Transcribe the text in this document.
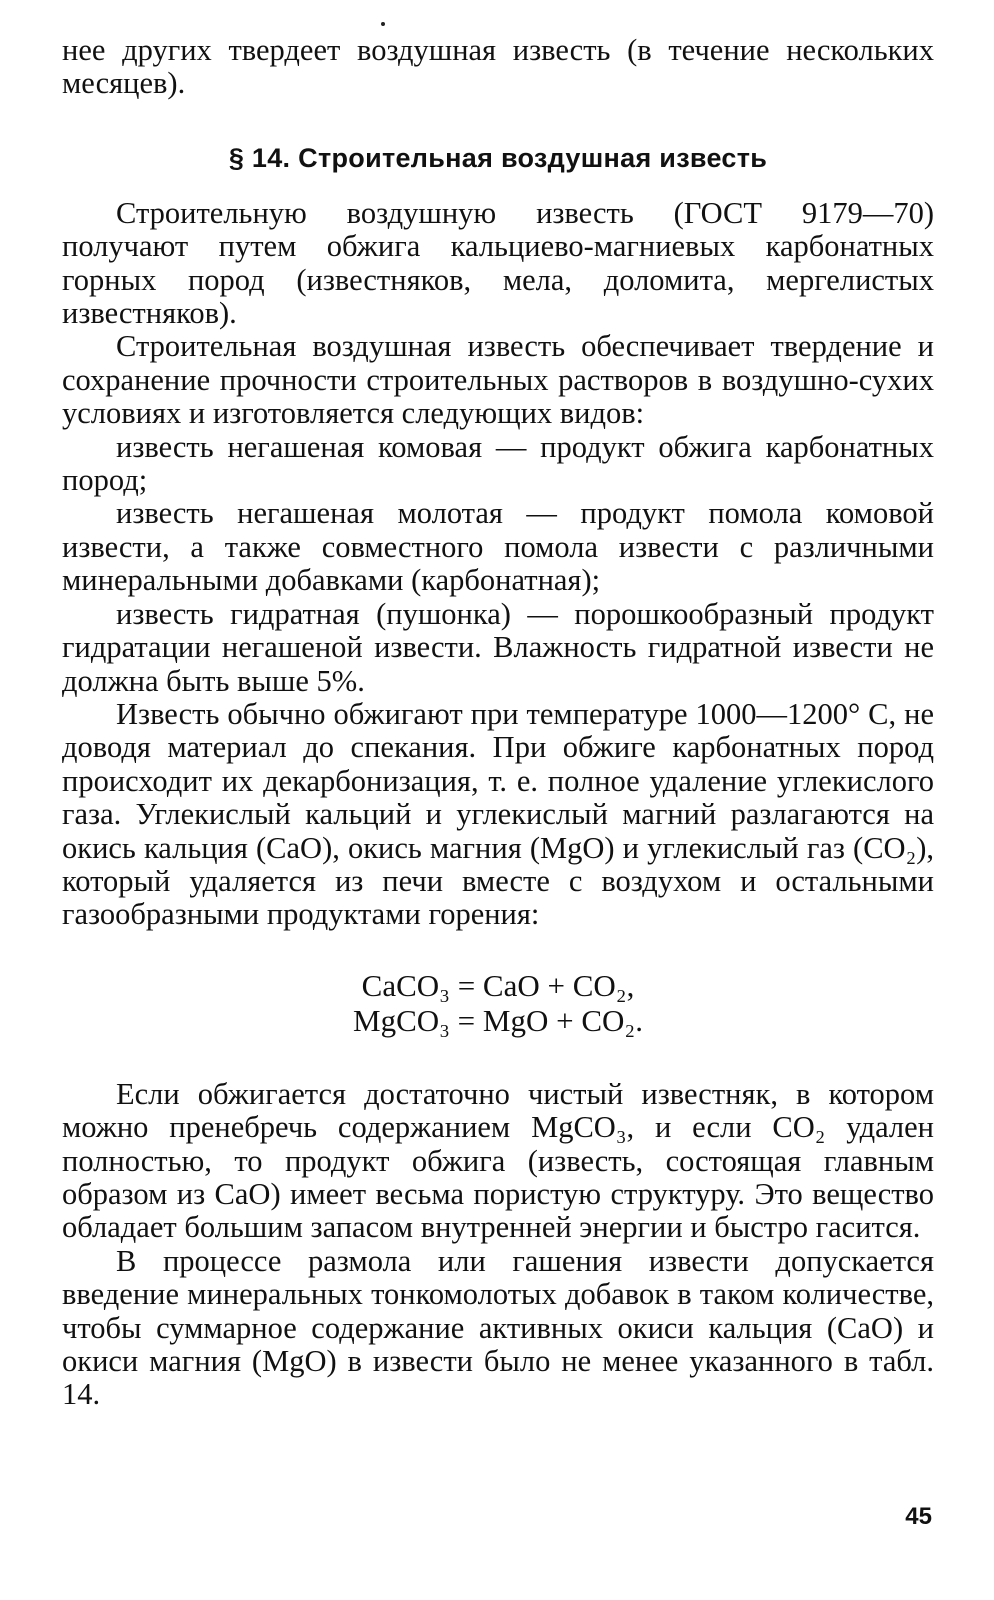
нее других твердеет воздушная известь (в течение нескольких месяцев).

§ 14. Строительная воздушная известь

Строительную воздушную известь (ГОСТ 9179—70) получают путем обжига кальциево-магниевых карбонатных горных пород (известняков, мела, доломита, мергелистых известняков).

Строительная воздушная известь обеспечивает твердение и сохранение прочности строительных растворов в воздушно-сухих условиях и изготовляется следующих видов:

известь негашеная комовая — продукт обжига карбонатных пород;

известь негашеная молотая — продукт помола комовой извести, а также совместного помола извести с различными минеральными добавками (карбонатная);

известь гидратная (пушонка) — порошкообразный продукт гидратации негашеной извести. Влажность гидратной извести не должна быть выше 5%.

Известь обычно обжигают при температуре 1000—1200° С, не доводя материал до спекания. При обжиге карбонатных пород происходит их декарбонизация, т. е. полное удаление углекислого газа. Углекислый кальций и углекислый магний разлагаются на окись кальция (CaO), окись магния (MgO) и углекислый газ (CO₂), который удаляется из печи вместе с воздухом и остальными газообразными продуктами горения:

CaCO₃ = CaO + CO₂,
MgCO₃ = MgO + CO₂.

Если обжигается достаточно чистый известняк, в котором можно пренебречь содержанием MgCO₃, и если CO₂ удален полностью, то продукт обжига (известь, состоящая главным образом из CaO) имеет весьма пористую структуру. Это вещество обладает большим запасом внутренней энергии и быстро гасится.

В процессе размола или гашения извести допускается введение минеральных тонкомолотых добавок в таком количестве, чтобы суммарное содержание активных окиси кальция (CaO) и окиси магния (MgO) в извести было не менее указанного в табл. 14.

45
